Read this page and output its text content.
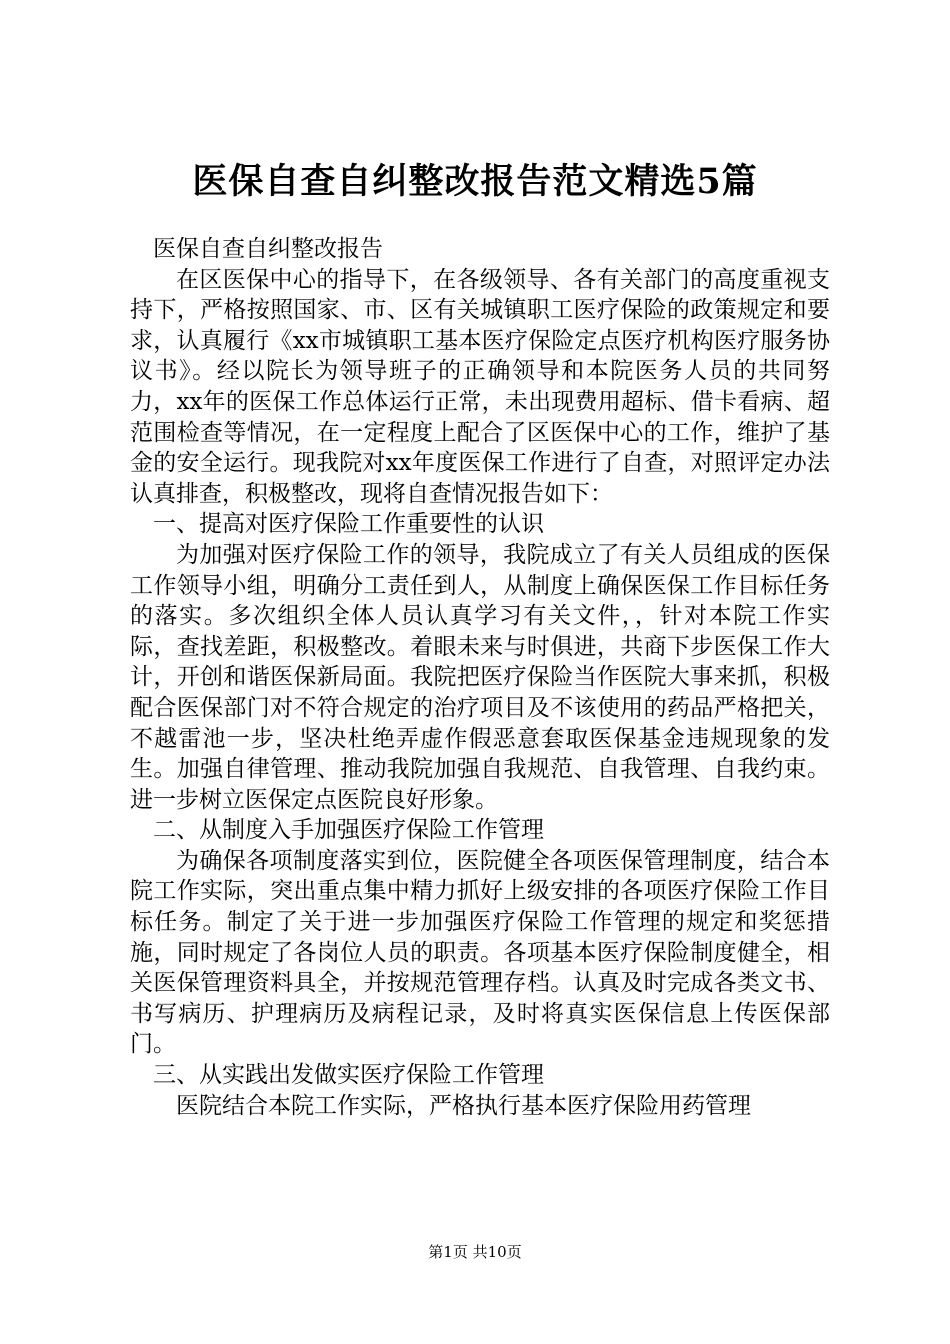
医保自查自纠整改报告范文精选5篇

医保自查自纠整改报告

在区医保中心的指导下，在各级领导、各有关部门的高度重视支持下，严格按照国家、市、区有关城镇职工医疗保险的政策规定和要求，认真履行《xx市城镇职工基本医疗保险定点医疗机构医疗服务协议书》。经以院长为领导班子的正确领导和本院医务人员的共同努力，xx年的医保工作总体运行正常，未出现费用超标、借卡看病、超范围检查等情况，在一定程度上配合了区医保中心的工作，维护了基金的安全运行。现我院对xx年度医保工作进行了自查，对照评定办法认真排查，积极整改，现将自查情况报告如下：

一、提高对医疗保险工作重要性的认识

为加强对医疗保险工作的领导，我院成立了有关人员组成的医保工作领导小组，明确分工责任到人，从制度上确保医保工作目标任务的落实。多次组织全体人员认真学习有关文件，，针对本院工作实际，查找差距，积极整改。着眼未来与时俱进，共商下步医保工作大计，开创和谐医保新局面。我院把医疗保险当作医院大事来抓，积极配合医保部门对不符合规定的治疗项目及不该使用的药品严格把关，不越雷池一步，坚决杜绝弄虚作假恶意套取医保基金违规现象的发生。加强自律管理、推动我院加强自我规范、自我管理、自我约束。进一步树立医保定点医院良好形象。

二、从制度入手加强医疗保险工作管理

为确保各项制度落实到位，医院健全各项医保管理制度，结合本院工作实际，突出重点集中精力抓好上级安排的各项医疗保险工作目标任务。制定了关于进一步加强医疗保险工作管理的规定和奖惩措施，同时规定了各岗位人员的职责。各项基本医疗保险制度健全，相关医保管理资料具全，并按规范管理存档。认真及时完成各类文书、书写病历、护理病历及病程记录，及时将真实医保信息上传医保部门。

三、从实践出发做实医疗保险工作管理

医院结合本院工作实际，严格执行基本医疗保险用药管理

第1页 共10页
